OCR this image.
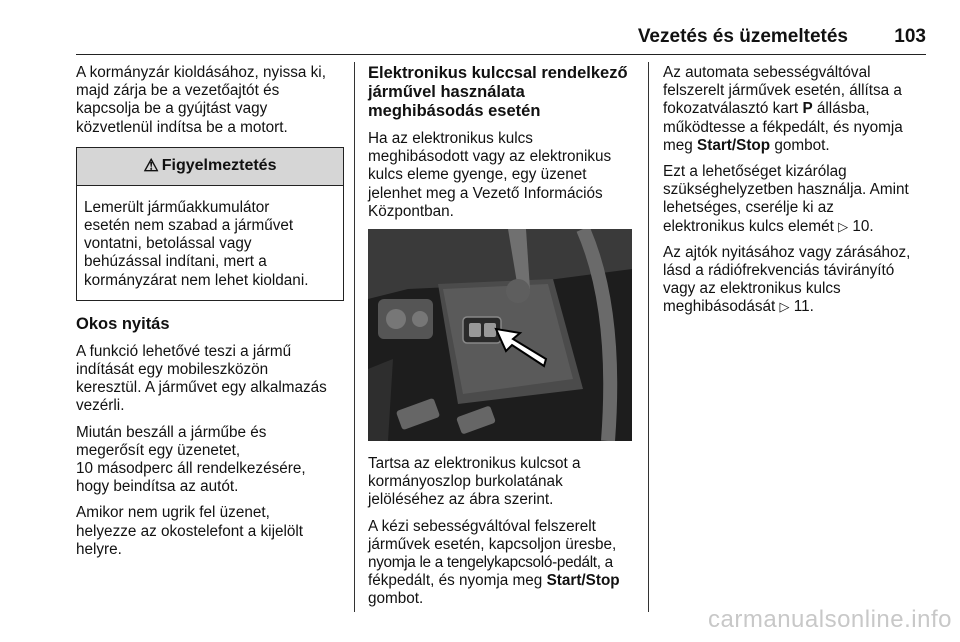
Vezetés és üzemeltetés 103

A kormányzár kioldásához, nyissa ki,
majd zárja be a vezetőajtót és
kapcsolja be a gyújtást vagy
közvetlenül indítsa be a motort.

⚠ Figyelmeztetés
Lemerült járműakkumulátor
esetén nem szabad a járművet
vontatni, betolással vagy
behúzással indítani, mert a
kormányzárat nem lehet kioldani.
Okos nyitás

A funkció lehetővé teszi a jármű
indítását egy mobileszközön
keresztül. A járművet egy alkalmazás
vezérli.

Miután beszáll a járműbe és
megerősít egy üzenetet,
10 másodperc áll rendelkezésére,
hogy beindítsa az autót.

Amikor nem ugrik fel üzenet,
helyezze az okostelefont a kijelölt
helyre.

Elektronikus kulccsal rendelkező
járművel használata
meghibásodás esetén

Ha az elektronikus kulcs
meghibásodott vagy az elektronikus
kulcs eleme gyenge, egy üzenet
jelenhet meg a Vezető Információs
Központban.

Tartsa az elektronikus kulcsot a
kormányoszlop burkolatának
jelöléséhez az ábra szerint.

A kézi sebességváltóval felszerelt
járművek esetén, kapcsoljon üresbe,
nyomja le a tengelykapcsoló-pedált, a
fékpedált, és nyomja meg Start/Stop
gombot.

Az automata sebességváltóval
felszerelt járművek esetén, állítsa a
fokozatválasztó kart P állásba,
működtesse a fékpedált, és nyomja
meg Start/Stop gombot.

Ezt a lehetőséget kizárólag
szükséghelyzetben használja. Amint
lehetséges, cserélje ki az
elektronikus kulcs elemét ▷ 10.

Az ajtók nyitásához vagy zárásához,
lásd a rádiófrekvenciás távirányító
vagy az elektronikus kulcs
meghibásodását ▷ 11.

carmanualsonline.info
